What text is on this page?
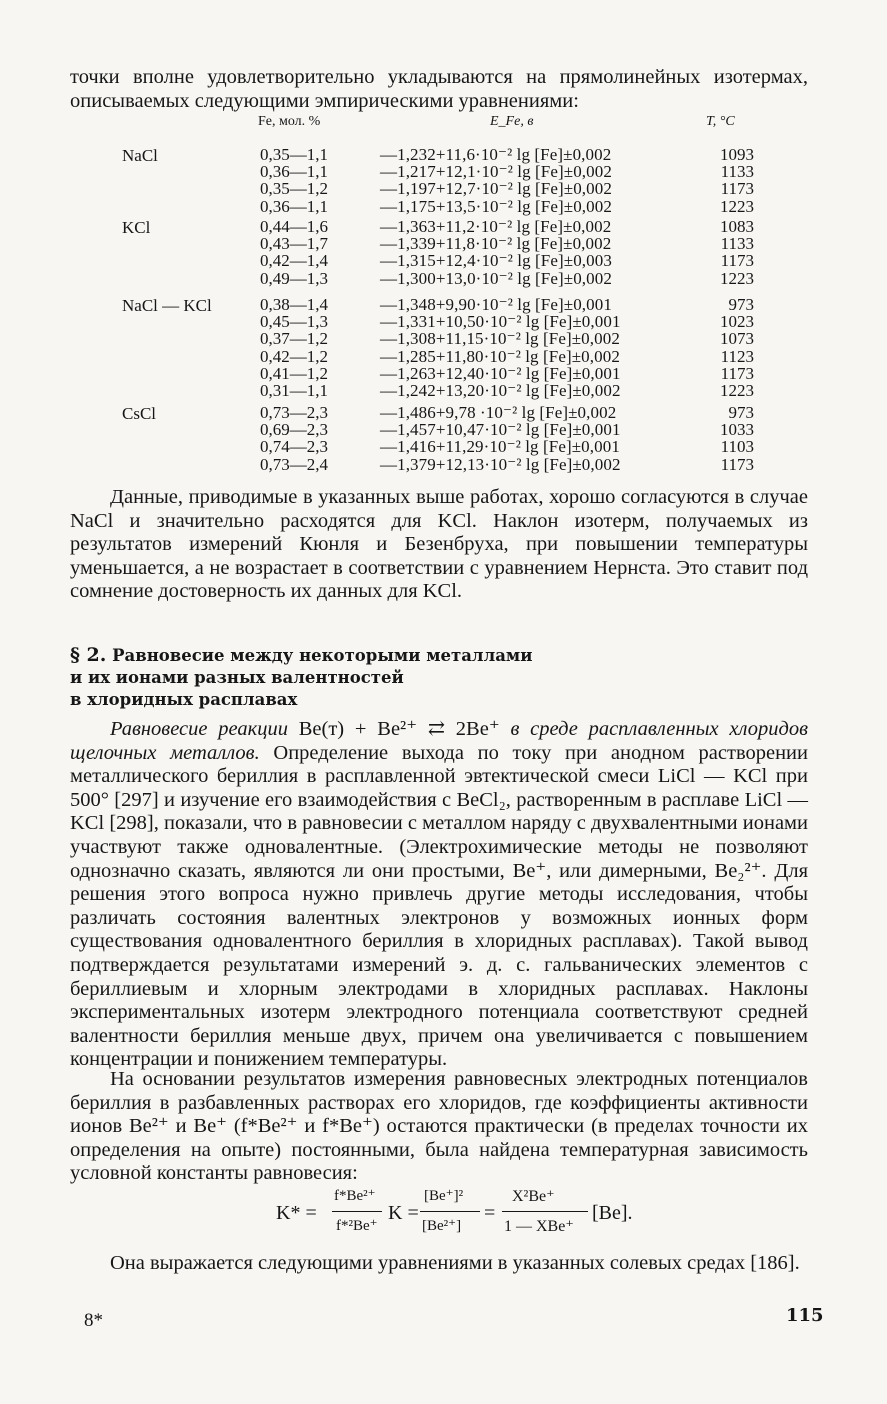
точки вполне удовлетворительно укладываются на прямолинейных изотермах, описываемых следующими эмпирическими уравнениями:

Fe, мол. %	E_Fe, в	T, °C
NaCl	0,35—1,1	—1,232+11,6·10⁻² lg [Fe]±0,002	1093
0,36—1,1	—1,217+12,1·10⁻² lg [Fe]±0,002	1133
0,35—1,2	—1,197+12,7·10⁻² lg [Fe]±0,002	1173
0,36—1,1	—1,175+13,5·10⁻² lg [Fe]±0,002	1223
KCl	0,44—1,6	—1,363+11,2·10⁻² lg [Fe]±0,002	1083
0,43—1,7	—1,339+11,8·10⁻² lg [Fe]±0,002	1133
0,42—1,4	—1,315+12,4·10⁻² lg [Fe]±0,003	1173
0,49—1,3	—1,300+13,0·10⁻² lg [Fe]±0,002	1223
NaCl — KCl	0,38—1,4	—1,348+9,90·10⁻² lg [Fe]±0,001	973
0,45—1,3	—1,331+10,50·10⁻² lg [Fe]±0,001	1023
0,37—1,2	—1,308+11,15·10⁻² lg [Fe]±0,002	1073
0,42—1,2	—1,285+11,80·10⁻² lg [Fe]±0,002	1123
0,41—1,2	—1,263+12,40·10⁻² lg [Fe]±0,001	1173
0,31—1,1	—1,242+13,20·10⁻² lg [Fe]±0,002	1223
CsCl	0,73—2,3	—1,486+9,78 ·10⁻² lg [Fe]±0,002	973
0,69—2,3	—1,457+10,47·10⁻² lg [Fe]±0,001	1033
0,74—2,3	—1,416+11,29·10⁻² lg [Fe]±0,001	1103
0,73—2,4	—1,379+12,13·10⁻² lg [Fe]±0,002	1173

Данные, приводимые в указанных выше работах, хорошо согласуются в случае NaCl и значительно расходятся для KCl. Наклон изотерм, получаемых из результатов измерений Кюнля и Безенбруха, при повышении температуры уменьшается, а не возрастает в соответствии с уравнением Нернста. Это ставит под сомнение достоверность их данных для KCl.

§ 2. Равновесие между некоторыми металлами
и их ионами разных валентностей
в хлоридных расплавах

Равновесие реакции Be(т) + Be²⁺ ⇄ 2Be⁺ в среде расплавленных хлоридов щелочных металлов. Определение выхода по току при анодном растворении металлического бериллия в расплавленной эвтектической смеси LiCl — KCl при 500° [297] и изучение его взаимодействия с BeCl₂, растворенным в расплаве LiCl — KCl [298], показали, что в равновесии с металлом наряду с двухвалентными ионами участвуют также одновалентные. (Электрохимические методы не позволяют однозначно сказать, являются ли они простыми, Be⁺, или димерными, Be₂²⁺. Для решения этого вопроса нужно привлечь другие методы исследования, чтобы различать состояния валентных электронов у возможных ионных форм существования одновалентного бериллия в хлоридных расплавах). Такой вывод подтверждается результатами измерений э. д. с. гальванических элементов с бериллиевым и хлорным электродами в хлоридных расплавах. Наклоны экспериментальных изотерм электродного потенциала соответствуют средней валентности бериллия меньше двух, причем она увеличивается с повышением концентрации и понижением температуры.

На основании результатов измерения равновесных электродных потенциалов бериллия в разбавленных растворах его хлоридов, где коэффициенты активности ионов Be²⁺ и Be⁺ (f*Be²⁺ и f*Be⁺) остаются практически (в пределах точности их определения на опыте) постоянными, была найдена температурная зависимость условной константы равновесия:

K* =
f*Be²⁺
f*²Be⁺
K =
[Be⁺]²
[Be²⁺]
=
X²Be⁺
1 — XBe⁺
[Be].

Она выражается следующими уравнениями в указанных солевых средах [186].

8*	115
